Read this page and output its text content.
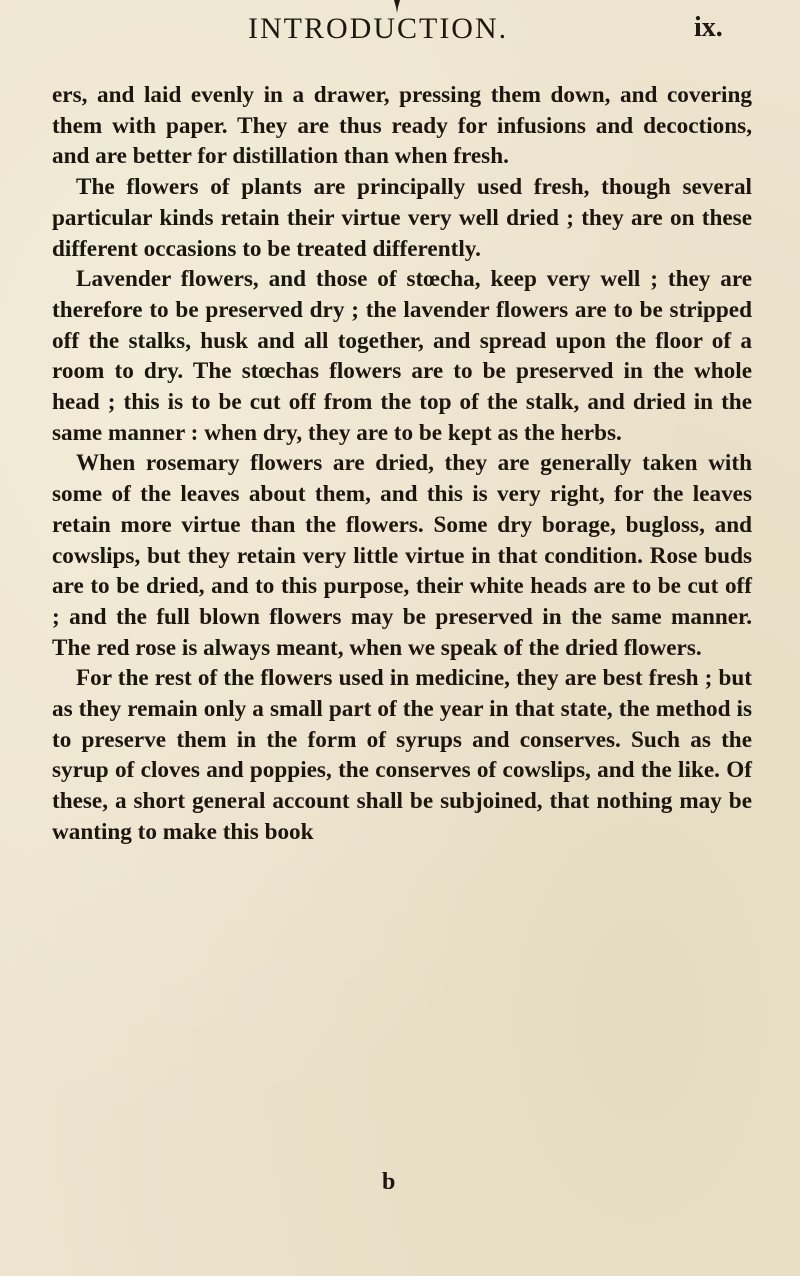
INTRODUCTION.	ix.

ers, and laid evenly in a drawer, pressing them down, and covering them with paper. They are thus ready for infusions and decoctions, and are better for distillation than when fresh.

The flowers of plants are principally used fresh, though several particular kinds retain their virtue very well dried ; they are on these different occasions to be treated differently.

Lavender flowers, and those of stœcha, keep very well ; they are therefore to be preserved dry ; the lavender flowers are to be stripped off the stalks, husk and all together, and spread upon the floor of a room to dry. The stœchas flowers are to be preserved in the whole head ; this is to be cut off from the top of the stalk, and dried in the same manner : when dry, they are to be kept as the herbs.

When rosemary flowers are dried, they are generally taken with some of the leaves about them, and this is very right, for the leaves retain more virtue than the flowers. Some dry borage, bugloss, and cowslips, but they retain very little virtue in that condition. Rose buds are to be dried, and to this purpose, their white heads are to be cut off ; and the full blown flowers may be preserved in the same manner. The red rose is always meant, when we speak of the dried flowers.

For the rest of the flowers used in medicine, they are best fresh ; but as they remain only a small part of the year in that state, the method is to preserve them in the form of syrups and conserves. Such as the syrup of cloves and poppies, the conserves of cowslips, and the like. Of these, a short general account shall be subjoined, that nothing may be wanting to make this book

b
